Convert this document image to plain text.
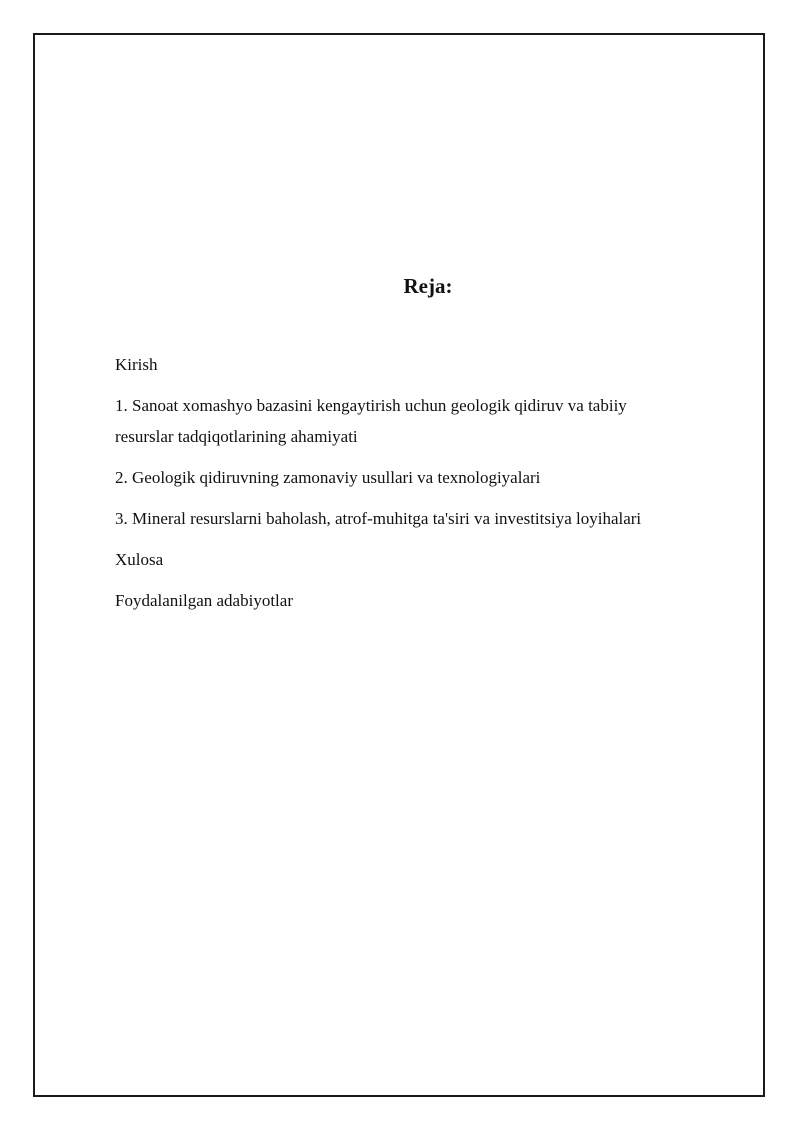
Reja:
Kirish
1. Sanoat xomashyo bazasini kengaytirish uchun geologik qidiruv va tabiiy resurslar tadqiqotlarining ahamiyati
2. Geologik qidiruvning zamonaviy usullari va texnologiyalari
3. Mineral resurslarni baholash, atrof-muhitga ta'siri va investitsiya loyihalari
Xulosa
Foydalanilgan adabiyotlar
